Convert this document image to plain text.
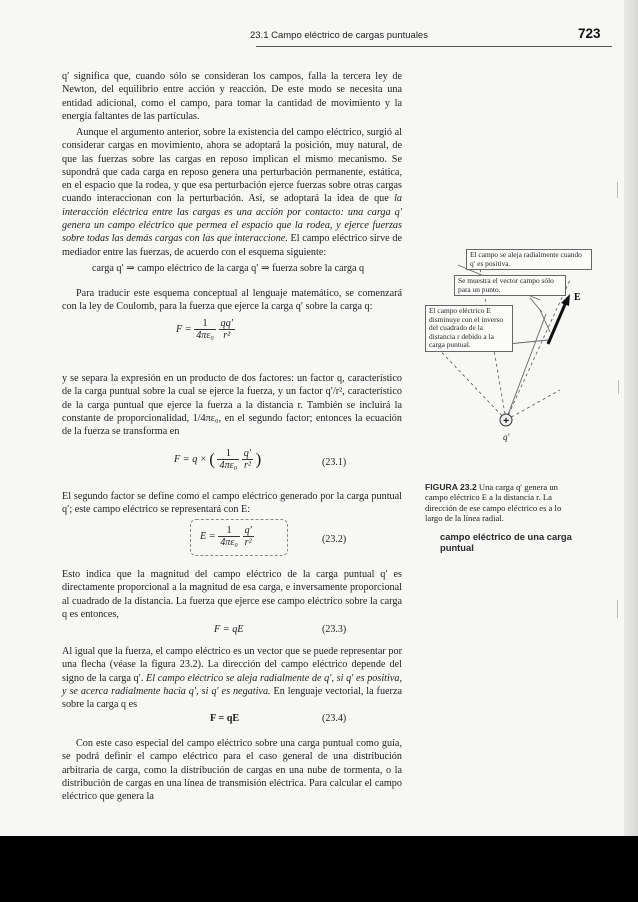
23.1 Campo eléctrico de cargas puntuales	723

q′ significa que, cuando sólo se consideran los campos, falla la tercera ley de Newton, del equilibrio entre acción y reacción. De este modo se necesita una entidad adicional, como el campo, para tomar la cantidad de movimiento y la energía faltantes de las partículas.

Aunque el argumento anterior, sobre la existencia del campo eléctrico, surgió al considerar cargas en movimiento, ahora se adoptará la posición, muy natural, de que las fuerzas sobre las cargas en reposo implican el mismo mecanismo. Se supondrá que cada carga en reposo genera una perturbación permanente, estática, en el espacio que la rodea, y que esa perturbación ejerce fuerzas sobre otras cargas cuando interaccionan con la perturbación. Así, se adoptará la idea de que la interacción eléctrica entre las cargas es una acción por contacto: una carga q′ genera un campo eléctrico que permea el espacio que la rodea, y ejerce fuerzas sobre todas las demás cargas con las que interaccione. El campo eléctrico sirve de mediador entre las fuerzas, de acuerdo con el esquema siguiente:

carga q′ ⇒ campo eléctrico de la carga q′ ⇒ fuerza sobre la carga q

Para traducir este esquema conceptual al lenguaje matemático, se comenzará con la ley de Coulomb, para la fuerza que ejerce la carga q′ sobre la carga q:

$F = \frac{1}{\text{4πε₀}}$
$\frac{qq'}{\text{r²}}$

y se separa la expresión en un producto de dos factores: un factor q, característico de la carga puntual sobre la cual se ejerce la fuerza, y un factor q′/r², característico de la carga puntual que ejerce la fuerza a la distancia r. También se incluirá la constante de proporcionalidad, 1/4πε₀, en el segundo factor; entonces la ecuación de la fuerza se transforma en

F = q × ( $\frac{1}{\text{4πε₀}}$
$\frac{q'}{\text{r²}}$ )	(23.1)

El segundo factor se define como el campo eléctrico generado por la carga puntual q′; este campo eléctrico se representará con E:

$E = \frac{1}{\text{4πε₀}}$
$\frac{q'}{\text{r²}}$	(23.2)

Esto indica que la magnitud del campo eléctrico de la carga puntual q′ es directamente proporcional a la magnitud de esa carga, e inversamente proporcional al cuadrado de la distancia. La fuerza que ejerce ese campo eléctrico sobre la carga q es entonces,

F = qE	(23.3)

Al igual que la fuerza, el campo eléctrico es un vector que se puede representar por una flecha (véase la figura 23.2). La dirección del campo eléctrico depende del signo de la carga q′. El campo eléctrico se aleja radialmente de q′, si q′ es positiva, y se acerca radialmente hacia q′, si q′ es negativa. En lenguaje vectorial, la fuerza sobre la carga q es

F = qE	(23.4)

Con este caso especial del campo eléctrico sobre una carga puntual como guía, se podrá definir el campo eléctrico para el caso general de una distribución arbitraria de carga, como la distribución de cargas en una nube de tormenta, o la distribución de cargas en una línea de transmisión eléctrica. Para calcular el campo eléctrico que genera la

+
q′
E
El campo se aleja radialmente cuando q′ es positiva.
Se muestra el vector campo sólo para un punto.
El campo eléctrico E disminuye con el inverso del cuadrado de la distancia r debido a la carga puntual.
FIGURA 23.2 Una carga q′ genera un campo eléctrico E a la distancia r. La dirección de ese campo eléctrico es a lo largo de la línea radial.
campo eléctrico de una carga puntual
